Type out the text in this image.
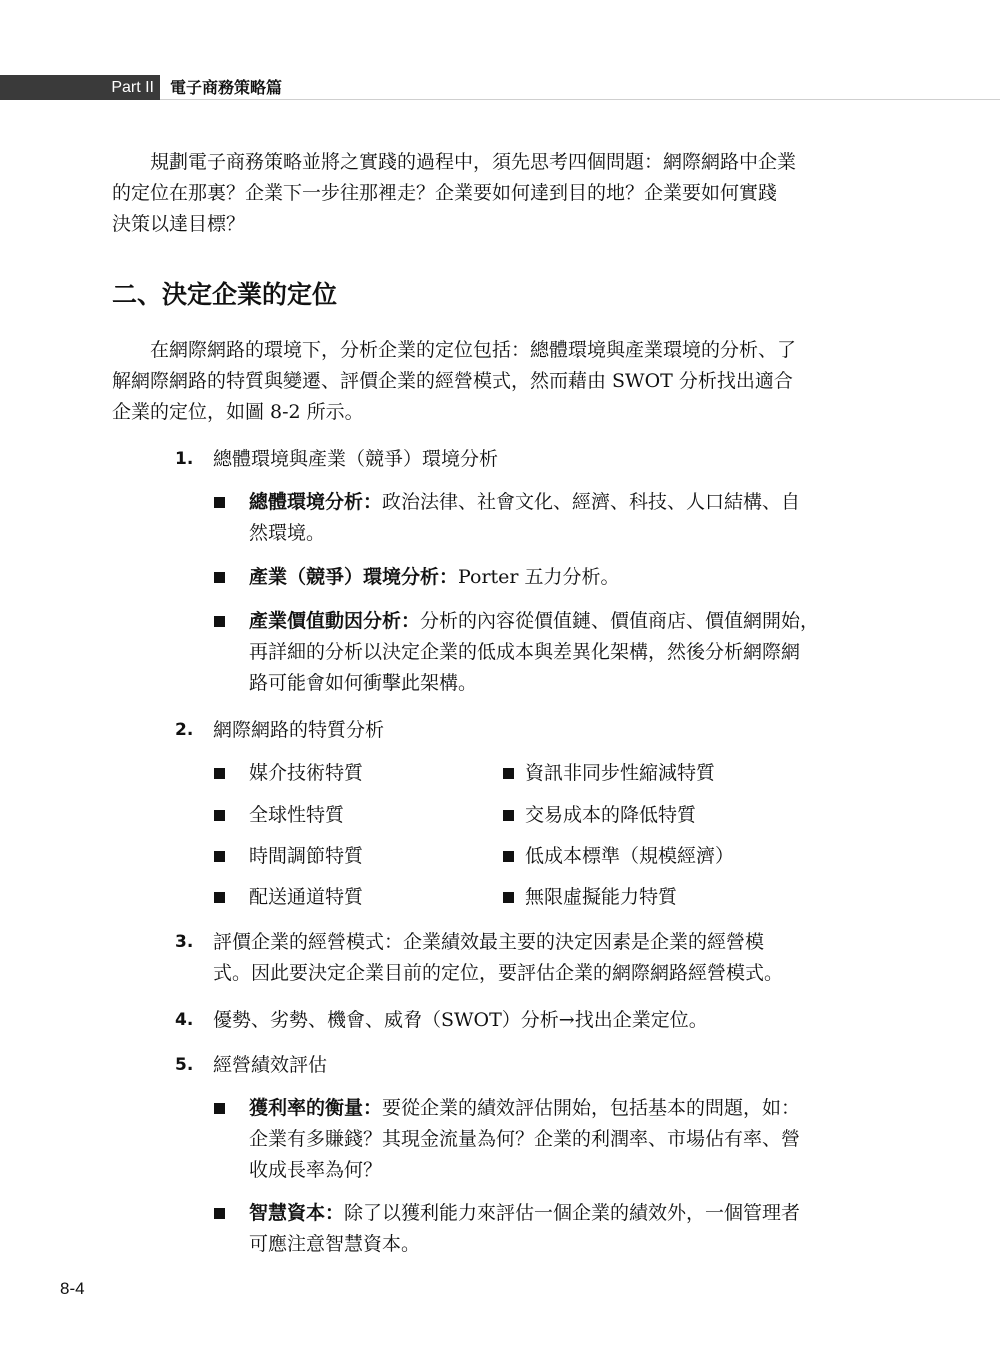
Part II	電子商務策略篇

規劃電子商務策略並將之實踐的過程中，須先思考四個問題：網際網路中企業
的定位在那裏？企業下一步往那裡走？企業要如何達到目的地？企業要如何實踐
決策以達目標？

二、決定企業的定位

在網際網路的環境下，分析企業的定位包括：總體環境與產業環境的分析、了
解網際網路的特質與變遷、評價企業的經營模式，然而藉由 SWOT 分析找出適合
企業的定位，如圖 8-2 所示。

1.	總體環境與產業（競爭）環境分析
總體環境分析：政治法律、社會文化、經濟、科技、人口結構、自
然環境。
產業（競爭）環境分析：Porter 五力分析。
產業價值動因分析：分析的內容從價值鏈、價值商店、價值網開始，
再詳細的分析以決定企業的低成本與差異化架構，然後分析網際網
路可能會如何衝擊此架構。
2.	網際網路的特質分析
媒介技術特質	資訊非同步性縮減特質
全球性特質	交易成本的降低特質
時間調節特質	低成本標準（規模經濟）
配送通道特質	無限虛擬能力特質
3.	評價企業的經營模式：企業績效最主要的決定因素是企業的經營模
式。因此要決定企業目前的定位，要評估企業的網際網路經營模式。
4.	優勢、劣勢、機會、威脅（SWOT）分析→找出企業定位。
5.	經營績效評估
獲利率的衡量：要從企業的績效評估開始，包括基本的問題，如：
企業有多賺錢？其現金流量為何？企業的利潤率、市場佔有率、營
收成長率為何？
智慧資本：除了以獲利能力來評估一個企業的績效外，一個管理者
可應注意智慧資本。
8-4
